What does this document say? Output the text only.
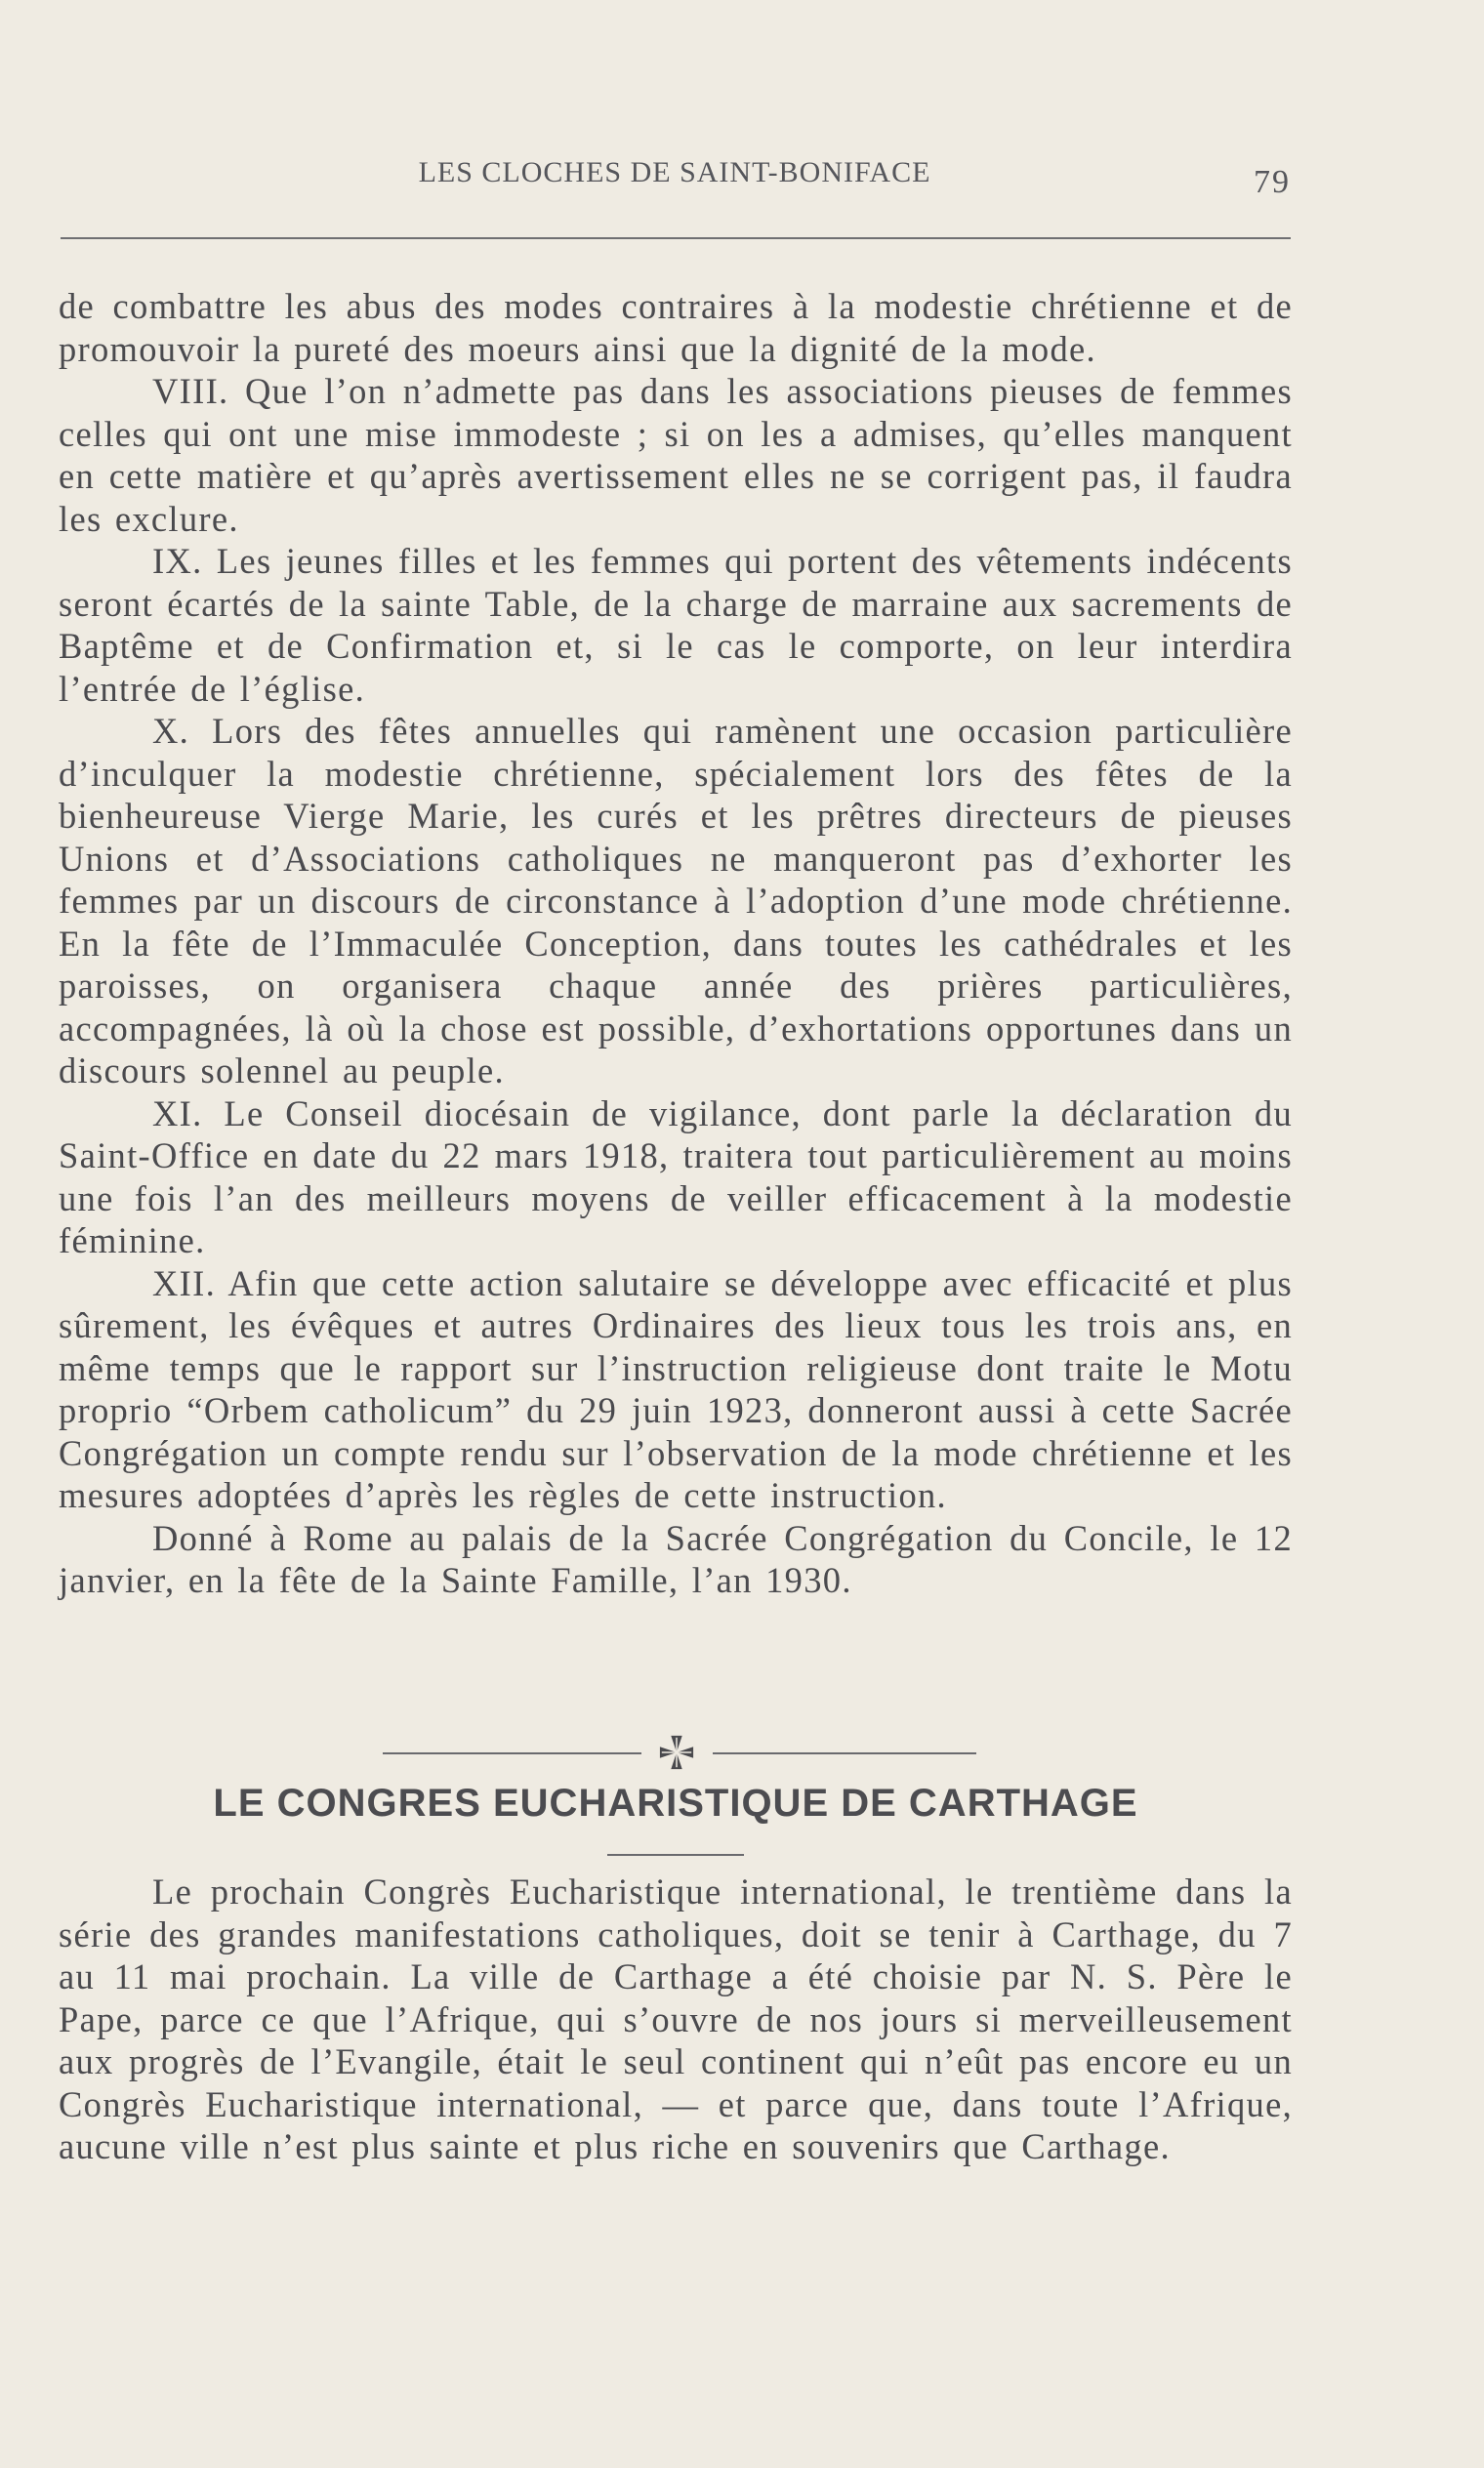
LES CLOCHES DE SAINT-BONIFACE	79

de combattre les abus des modes contraires à la modestie chrétienne et de promouvoir la pureté des moeurs ainsi que la dignité de la mode.

VIII. Que l’on n’admette pas dans les associations pieuses de femmes celles qui ont une mise immodeste ; si on les a admises, qu’elles manquent en cette matière et qu’après avertissement elles ne se corrigent pas, il faudra les exclure.

IX. Les jeunes filles et les femmes qui portent des vêtements indécents seront écartés de la sainte Table, de la charge de marraine aux sacrements de Baptême et de Confirmation et, si le cas le comporte, on leur interdira l’entrée de l’église.

X. Lors des fêtes annuelles qui ramènent une occasion particulière d’inculquer la modestie chrétienne, spécialement lors des fêtes de la bienheureuse Vierge Marie, les curés et les prêtres directeurs de pieuses Unions et d’Associations catholiques ne manqueront pas d’exhorter les femmes par un discours de circonstance à l’adoption d’une mode chrétienne. En la fête de l’Immaculée Conception, dans toutes les cathédrales et les paroisses, on organisera chaque année des prières particulières, accompagnées, là où la chose est possible, d’exhortations opportunes dans un discours solennel au peuple.

XI. Le Conseil diocésain de vigilance, dont parle la déclaration du Saint-Office en date du 22 mars 1918, traitera tout particulièrement au moins une fois l’an des meilleurs moyens de veiller efficacement à la modestie féminine.

XII. Afin que cette action salutaire se développe avec efficacité et plus sûrement, les évêques et autres Ordinaires des lieux tous les trois ans, en même temps que le rapport sur l’instruction religieuse dont traite le Motu proprio “Orbem catholicum” du 29 juin 1923, donneront aussi à cette Sacrée Congrégation un compte rendu sur l’observation de la mode chrétienne et les mesures adoptées d’après les règles de cette instruction.

Donné à Rome au palais de la Sacrée Congrégation du Concile, le 12 janvier, en la fête de la Sainte Famille, l’an 1930.

LE CONGRES EUCHARISTIQUE DE CARTHAGE

Le prochain Congrès Eucharistique international, le trentième dans la série des grandes manifestations catholiques, doit se tenir à Carthage, du 7 au 11 mai prochain. La ville de Carthage a été choisie par N. S. Père le Pape, parce ce que l’Afrique, qui s’ouvre de nos jours si merveilleusement aux progrès de l’Evangile, était le seul continent qui n’eût pas encore eu un Congrès Eucharistique international, — et parce que, dans toute l’Afrique, aucune ville n’est plus sainte et plus riche en souvenirs que Carthage.
